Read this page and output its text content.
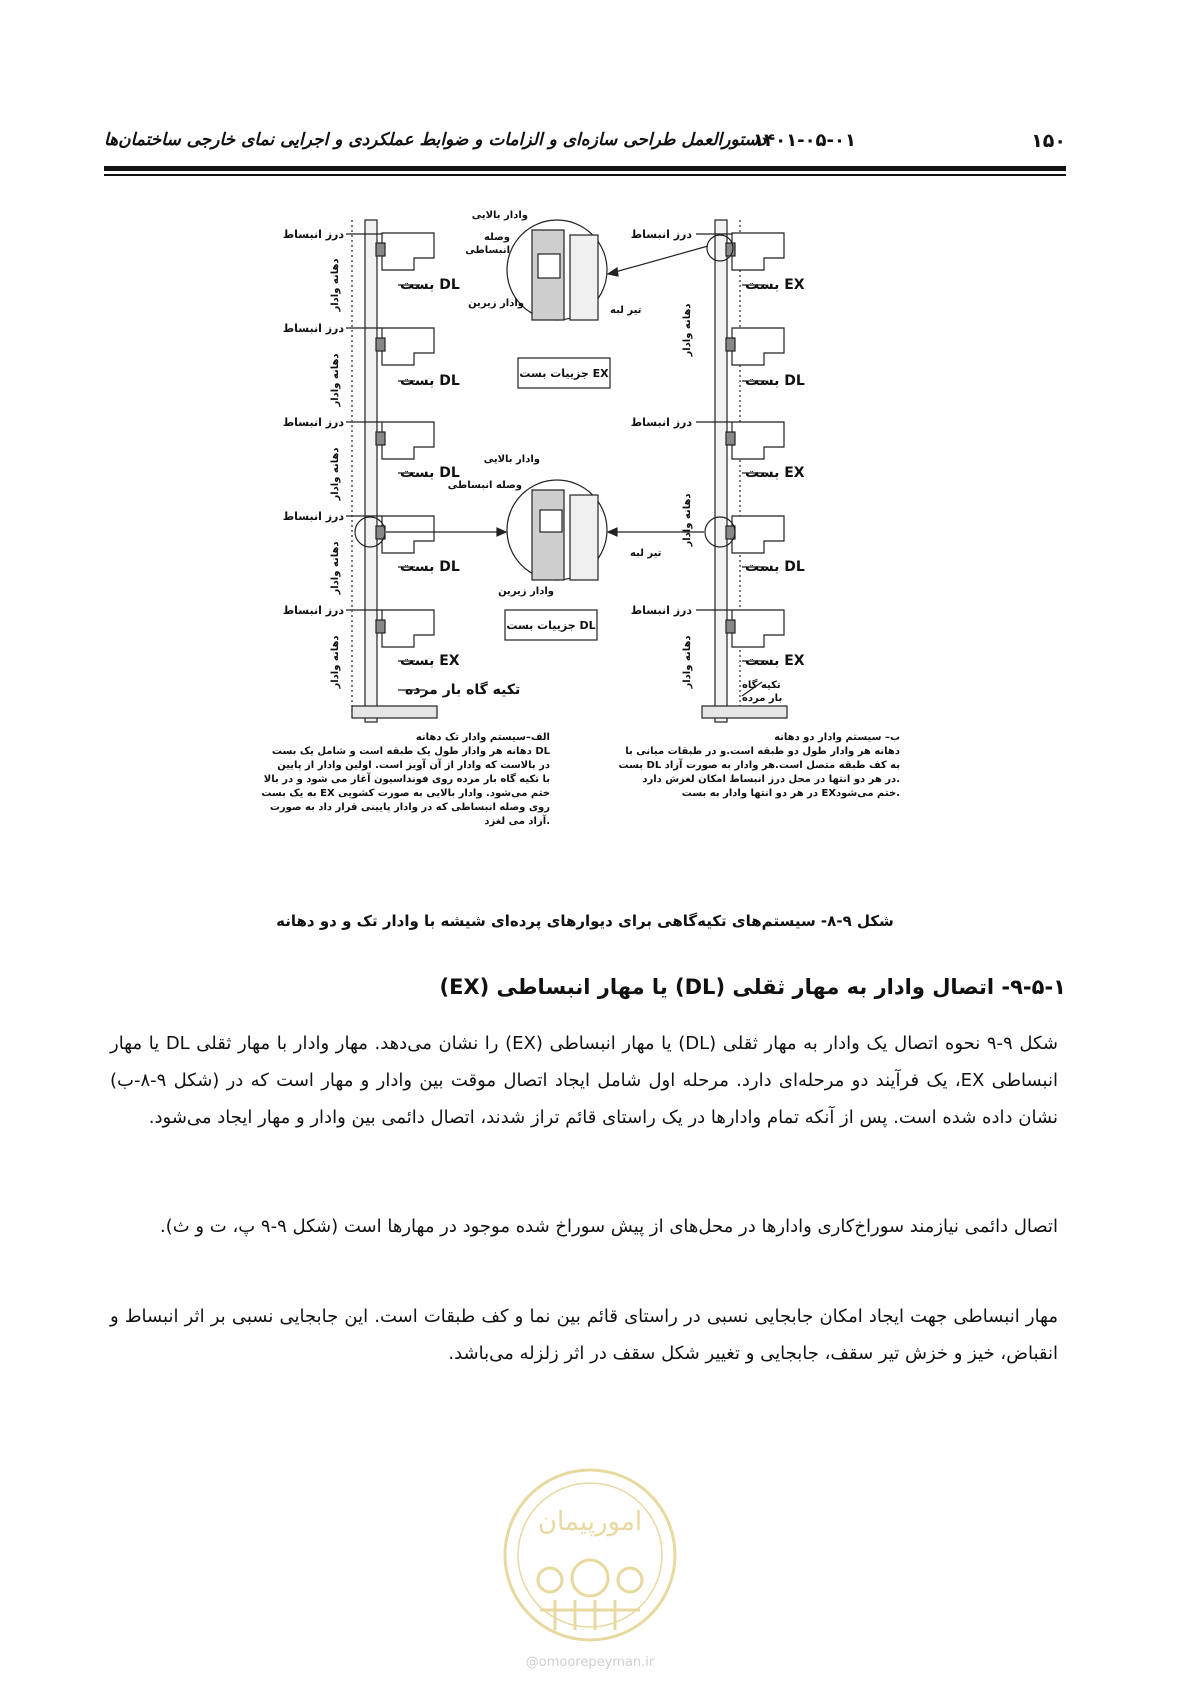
۱۵۰
۱۴۰۱-۰۵-۰۱
دستورالعمل طراحی سازه‌ای و الزامات و ضوابط عملکردی و اجرایی نمای خارجی ساختمان‌ها
درز انبساط
درز انبساط
درز انبساط
درز انبساط
درز انبساط
درز انبساط
درز انبساط
درز انبساط
دهانه وادار
دهانه وادار
دهانه وادار
دهانه وادار
دهانه وادار
دهانه وادار
دهانه وادار
دهانه وادار
بست DL
بست DL
بست DL
بست DL
بست EX
تکیه گاه بار مرده
بست EX
بست DL
بست EX
بست DL
بست EX
تکیه گاه
بار مرده
وادار بالایی
وصله
انبساطی
وادار زیرین
وادار بالایی
وصله انبساطی
وادار زیرین
تیر لبه
تیر لبه
جزییات بست EX
جزییات بست DL
الف–سیستم وادار تک دهانه
دهانه هر وادار طول یک طبقه است و شامل یک بست DL
در بالاست که وادار از آن آویز است. اولین وادار از پایین
با تکیه گاه بار مرده روی فونداسیون آغاز می شود و در بالا
به یک بست EX ختم می‌شود. وادار بالایی به صورت کشویی
روی وصله انبساطی که در وادار پایینی قرار داد به صورت
آزاد می لغزد.
ب– سیستم وادار دو دهانه
دهانه هر وادار طول دو طبقه است.و در طبقات میانی با
بست DL به کف طبقه متصل است.هر وادار به صورت آزاد
در هر دو انتها در محل درز انبساط امکان لغزش دارد.
در هر دو انتها وادار به بست EXختم می‌شود.
شکل ۹-۸- سیستم‌های تکیه‌گاهی برای دیوارهای پرده‌ای شیشه با وادار تک و دو دهانه
۹-۵-۱- اتصال وادار به مهار ثقلی (DL) یا مهار انبساطی (EX)

شکل ۹-۹ نحوه اتصال یک وادار به مهار ثقلی (DL) یا مهار انبساطی (EX) را نشان می‌دهد. مهار وادار با مهار ثقلی DL یا مهار انبساطی EX، یک فرآیند دو مرحله‌ای دارد. مرحله اول شامل ایجاد اتصال موقت بین وادار و مهار است که در (شکل ۹-۸-ب) نشان داده شده است. پس از آنکه تمام وادارها در یک راستای قائم تراز شدند، اتصال دائمی بین وادار و مهار ایجاد می‌شود.

اتصال دائمی نیازمند سوراخ‌کاری وادارها در محل‌های از پیش سوراخ شده موجود در مهارها است (شکل ۹-۹ پ، ت و ث).

مهار انبساطی جهت ایجاد امکان جابجایی نسبی در راستای قائم بین نما و کف طبقات است. این جابجایی نسبی بر اثر انبساط و انقباض، خیز و خزش تیر سقف، جابجایی و تغییر شکل سقف در اثر زلزله می‌باشد.

امورپیمان
@omoorepeyman.ir
